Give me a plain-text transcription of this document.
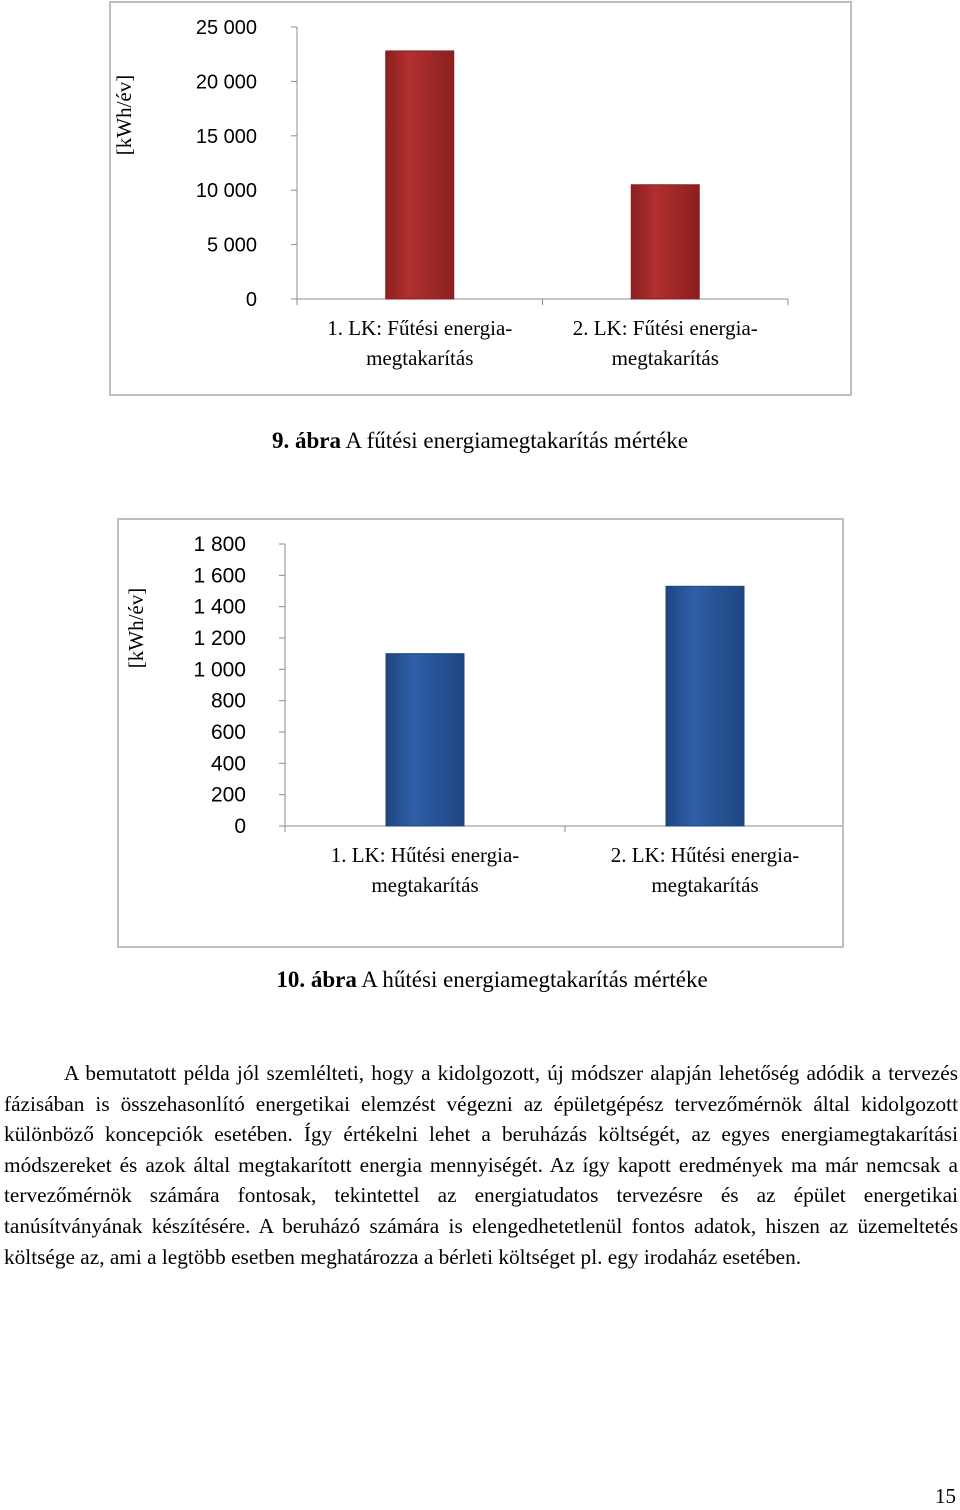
[kWh/év]
0
5 000
10 000
15 000
20 000
25 000
1. LK: Fűtési energia-
megtakarítás
2. LK: Fűtési energia-
megtakarítás
9. ábra A fűtési energiamegtakarítás mértéke
[kWh/év]
0
200
400
600
800
1 000
1 200
1 400
1 600
1 800
1. LK: Hűtési energia-
megtakarítás
2. LK: Hűtési energia-
megtakarítás
10. ábra A hűtési energiamegtakarítás mértéke

A bemutatott példa jól szemlélteti, hogy a kidolgozott, új módszer alapján lehetőség adódik a tervezés fázisában is összehasonlító energetikai elemzést végezni az épületgépész tervezőmérnök által kidolgozott különböző koncepciók esetében. Így értékelni lehet a beruházás költségét, az egyes energiamegtakarítási módszereket és azok által megtakarított energia mennyiségét. Az így kapott eredmények ma már nemcsak a tervezőmérnök számára fontosak, tekintettel az energiatudatos tervezésre és az épület energetikai tanúsítványának készítésére. A beruházó számára is elengedhetetlenül fontos adatok, hiszen az üzemeltetés költsége az, ami a legtöbb esetben meghatározza a bérleti költséget pl. egy irodaház esetében.

15
